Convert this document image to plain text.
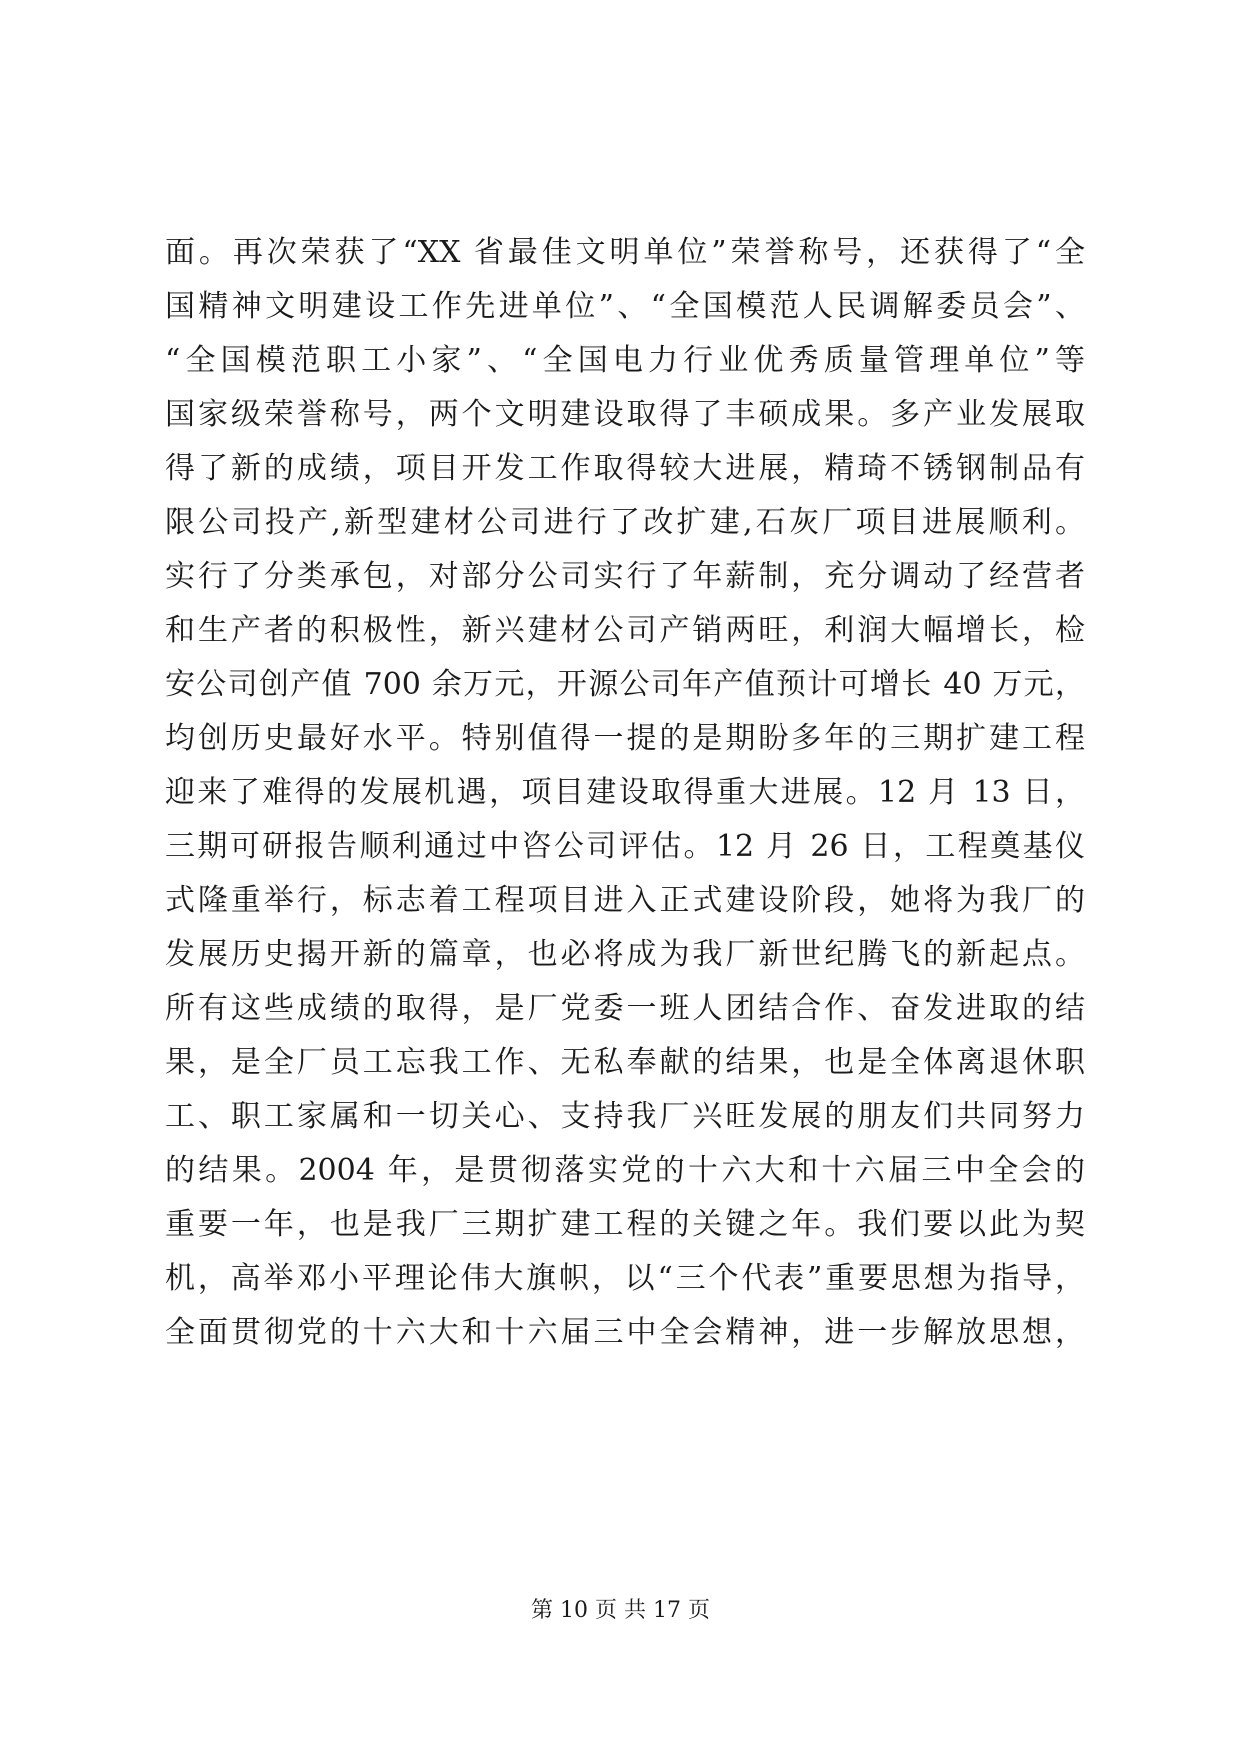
面。再次荣获了“XX 省最佳文明单位”荣誉称号，还获得了“全
国精神文明建设工作先进单位”、“全国模范人民调解委员会”、
“全国模范职工小家”、“全国电力行业优秀质量管理单位”等
国家级荣誉称号，两个文明建设取得了丰硕成果。多产业发展取
得了新的成绩，项目开发工作取得较大进展，精琦不锈钢制品有
限公司投产,新型建材公司进行了改扩建,石灰厂项目进展顺利。
实行了分类承包，对部分公司实行了年薪制，充分调动了经营者
和生产者的积极性，新兴建材公司产销两旺，利润大幅增长，检
安公司创产值 700 余万元，开源公司年产值预计可增长 40 万元，
均创历史最好水平。特别值得一提的是期盼多年的三期扩建工程
迎来了难得的发展机遇，项目建设取得重大进展。12 月 13 日，
三期可研报告顺利通过中咨公司评估。12 月 26 日，工程奠基仪
式隆重举行，标志着工程项目进入正式建设阶段，她将为我厂的
发展历史揭开新的篇章，也必将成为我厂新世纪腾飞的新起点。
所有这些成绩的取得，是厂党委一班人团结合作、奋发进取的结
果，是全厂员工忘我工作、无私奉献的结果，也是全体离退休职
工、职工家属和一切关心、支持我厂兴旺发展的朋友们共同努力
的结果。2004 年，是贯彻落实党的十六大和十六届三中全会的
重要一年，也是我厂三期扩建工程的关键之年。我们要以此为契
机，高举邓小平理论伟大旗帜，以“三个代表”重要思想为指导，
全面贯彻党的十六大和十六届三中全会精神，进一步解放思想，
第 10 页 共 17 页
